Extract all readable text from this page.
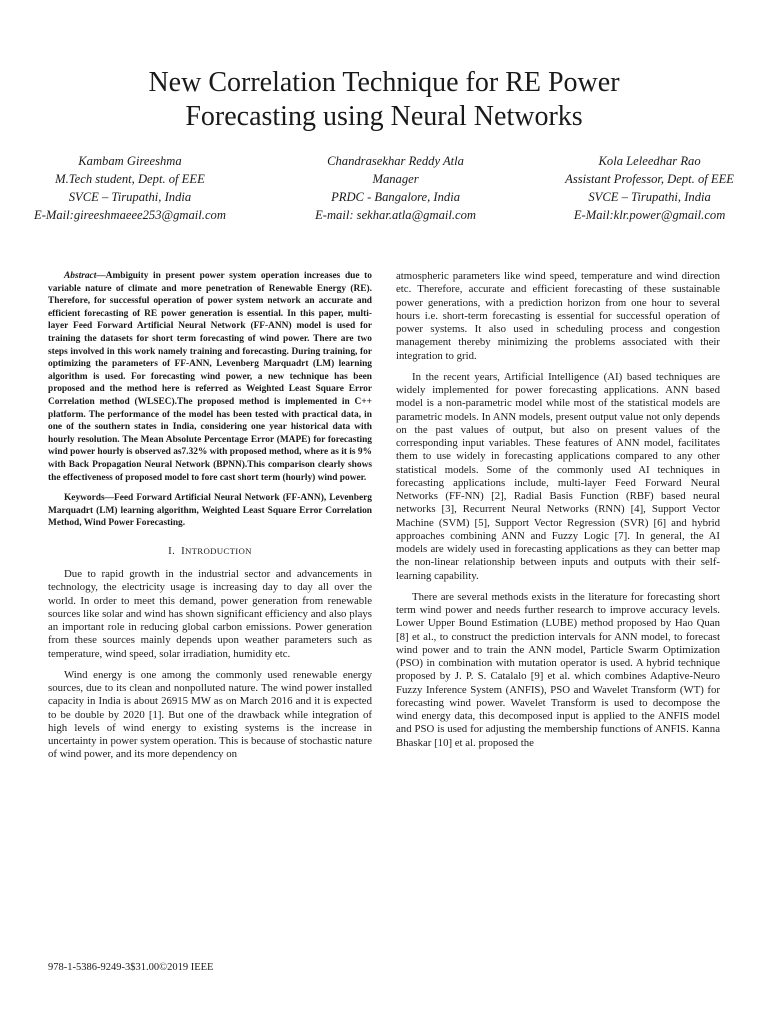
New Correlation Technique for RE Power
Forecasting using Neural Networks
Kambam Gireeshma
M.Tech student, Dept. of EEE
SVCE – Tirupathi, India
E-Mail:gireeshmaeee253@gmail.com
Chandrasekhar Reddy Atla
Manager
PRDC - Bangalore, India
E-mail: sekhar.atla@gmail.com
Kola Leleedhar Rao
Assistant Professor, Dept. of EEE
SVCE – Tirupathi, India
E-Mail:klr.power@gmail.com

Abstract—Ambiguity in present power system operation increases due to variable nature of climate and more penetration of Renewable Energy (RE). Therefore, for successful operation of power system network an accurate and efficient forecasting of RE power generation is essential. In this paper, multi-layer Feed Forward Artificial Neural Network (FF-ANN) model is used for training the datasets for short term forecasting of wind power. There are two steps involved in this work namely training and forecasting. During training, for optimizing the parameters of FF-ANN, Levenberg Marquadrt (LM) learning algorithm is used. For forecasting wind power, a new technique has been proposed and the method here is referred as Weighted Least Square Error Correlation method (WLSEC).The proposed method is implemented in C++ platform. The performance of the model has been tested with practical data, in one of the southern states in India, considering one year historical data with hourly resolution. The Mean Absolute Percentage Error (MAPE) for forecasting wind power hourly is observed as7.32% with proposed method, where as it is 9% with Back Propagation Neural Network (BPNN).This comparison clearly shows the effectiveness of proposed model to fore cast short term (hourly) wind power.

Keywords—Feed Forward Artificial Neural Network (FF-ANN), Levenberg Marquadrt (LM) learning algorithm, Weighted Least Square Error Correlation Method, Wind Power Forecasting.

I. INTRODUCTION

Due to rapid growth in the industrial sector and advancements in technology, the electricity usage is increasing day to day all over the world. In order to meet this demand, power generation from renewable sources like solar and wind has shown significant efficiency and also plays an important role in reducing global carbon emissions. Power generation from these sources mainly depends upon weather parameters such as temperature, wind speed, solar irradiation, humidity etc.

Wind energy is one among the commonly used renewable energy sources, due to its clean and nonpolluted nature. The wind power installed capacity in India is about 26915 MW as on March 2016 and it is expected to be double by 2020 [1]. But one of the drawback while integration of high levels of wind energy to existing systems is the increase in uncertainty in power system operation. This is because of stochastic nature of wind power, and its more dependency on

atmospheric parameters like wind speed, temperature and wind direction etc. Therefore, accurate and efficient forecasting of these sustainable power generations, with a prediction horizon from one hour to several hours i.e. short-term forecasting is essential for successful operation of power systems. It also used in scheduling process and congestion management thereby minimizing the problems associated with their integration to grid.

In the recent years, Artificial Intelligence (AI) based techniques are widely implemented for power forecasting applications. ANN based model is a non-parametric model while most of the statistical models are parametric models. In ANN models, present output value not only depends on the past values of output, but also on present values of the corresponding input variables. These features of ANN model, facilitates them to use widely in forecasting applications compared to any other statistical models. Some of the commonly used AI techniques in forecasting applications include, multi-layer Feed Forward Neural Networks (FF-NN) [2], Radial Basis Function (RBF) based neural networks [3], Recurrent Neural Networks (RNN) [4], Support Vector Machine (SVM) [5], Support Vector Regression (SVR) [6] and hybrid approaches combining ANN and Fuzzy Logic [7]. In general, the AI models are widely used in forecasting applications as they can better map the non-linear relationship between inputs and outputs with their self-learning capability.

There are several methods exists in the literature for forecasting short term wind power and needs further research to improve accuracy levels. Lower Upper Bound Estimation (LUBE) method proposed by Hao Quan [8] et al., to construct the prediction intervals for ANN model, to forecast wind power and to train the ANN model, Particle Swarm Optimization (PSO) in combination with mutation operator is used. A hybrid technique proposed by J. P. S. Catalalo [9] et al. which combines Adaptive-Neuro Fuzzy Inference System (ANFIS), PSO and Wavelet Transform (WT) for forecasting wind power. Wavelet Transform is used to decompose the wind energy data, this decomposed input is applied to the ANFIS model and PSO is used for adjusting the membership functions of ANFIS. Kanna Bhaskar [10] et al. proposed the

978-1-5386-9249-3$31.00©2019 IEEE
